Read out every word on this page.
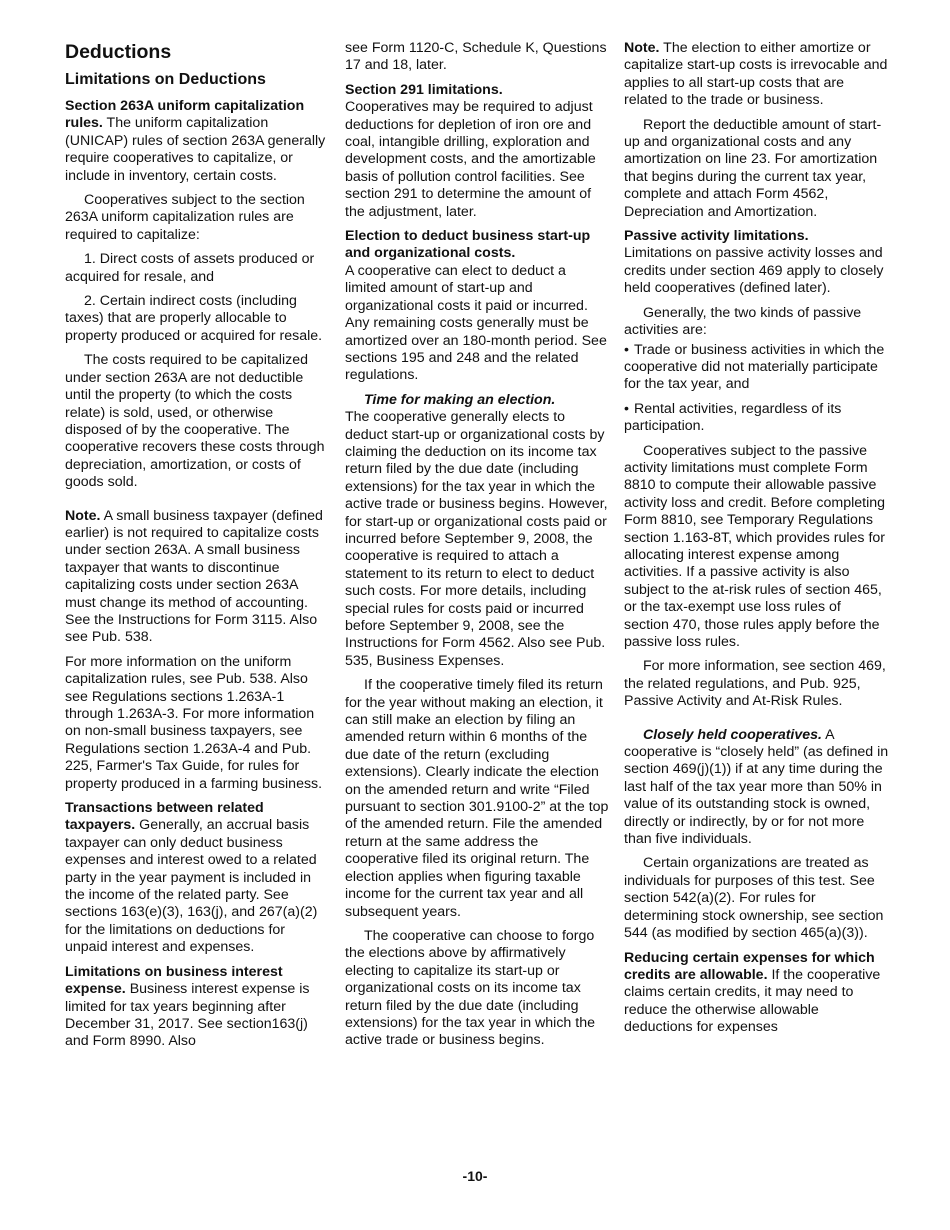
Deductions
Limitations on Deductions

Section 263A uniform capitalization rules. The uniform capitalization (UNICAP) rules of section 263A generally require cooperatives to capitalize, or include in inventory, certain costs.

Cooperatives subject to the section 263A uniform capitalization rules are required to capitalize:

1. Direct costs of assets produced or acquired for resale, and

2. Certain indirect costs (including taxes) that are properly allocable to property produced or acquired for resale.

The costs required to be capitalized under section 263A are not deductible until the property (to which the costs relate) is sold, used, or otherwise disposed of by the cooperative. The cooperative recovers these costs through depreciation, amortization, or costs of goods sold.

Note. A small business taxpayer (defined earlier) is not required to capitalize costs under section 263A. A small business taxpayer that wants to discontinue capitalizing costs under section 263A must change its method of accounting. See the Instructions for Form 3115. Also see Pub. 538.

For more information on the uniform capitalization rules, see Pub. 538. Also see Regulations sections 1.263A-1 through 1.263A-3. For more information on non-small business taxpayers, see Regulations section 1.263A-4 and Pub. 225, Farmer's Tax Guide, for rules for property produced in a farming business.

Transactions between related taxpayers. Generally, an accrual basis taxpayer can only deduct business expenses and interest owed to a related party in the year payment is included in the income of the related party. See sections 163(e)(3), 163(j), and 267(a)(2) for the limitations on deductions for unpaid interest and expenses.

Limitations on business interest expense. Business interest expense is limited for tax years beginning after December 31, 2017. See section163(j) and Form 8990. Also

see Form 1120-C, Schedule K, Questions 17 and 18, later.

Section 291 limitations.
Cooperatives may be required to adjust deductions for depletion of iron ore and coal, intangible drilling, exploration and development costs, and the amortizable basis of pollution control facilities. See section 291 to determine the amount of the adjustment, later.

Election to deduct business start-up and organizational costs.
A cooperative can elect to deduct a limited amount of start-up and organizational costs it paid or incurred. Any remaining costs generally must be amortized over an 180-month period. See sections 195 and 248 and the related regulations.

Time for making an election.
The cooperative generally elects to deduct start-up or organizational costs by claiming the deduction on its income tax return filed by the due date (including extensions) for the tax year in which the active trade or business begins. However, for start-up or organizational costs paid or incurred before September 9, 2008, the cooperative is required to attach a statement to its return to elect to deduct such costs. For more details, including special rules for costs paid or incurred before September 9, 2008, see the Instructions for Form 4562. Also see Pub. 535, Business Expenses.

If the cooperative timely filed its return for the year without making an election, it can still make an election by filing an amended return within 6 months of the due date of the return (excluding extensions). Clearly indicate the election on the amended return and write “Filed pursuant to section 301.9100-2” at the top of the amended return. File the amended return at the same address the cooperative filed its original return. The election applies when figuring taxable income for the current tax year and all subsequent years.

The cooperative can choose to forgo the elections above by affirmatively electing to capitalize its start-up or organizational costs on its income tax return filed by the due date (including extensions) for the tax year in which the active trade or business begins.

Note. The election to either amortize or capitalize start-up costs is irrevocable and applies to all start-up costs that are related to the trade or business.

Report the deductible amount of start-up and organizational costs and any amortization on line 23. For amortization that begins during the current tax year, complete and attach Form 4562, Depreciation and Amortization.

Passive activity limitations.
Limitations on passive activity losses and credits under section 469 apply to closely held cooperatives (defined later).

Generally, the two kinds of passive activities are:

• Trade or business activities in which the cooperative did not materially participate for the tax year, and

• Rental activities, regardless of its participation.

Cooperatives subject to the passive activity limitations must complete Form 8810 to compute their allowable passive activity loss and credit. Before completing Form 8810, see Temporary Regulations section 1.163-8T, which provides rules for allocating interest expense among activities. If a passive activity is also subject to the at-risk rules of section 465, or the tax-exempt use loss rules of section 470, those rules apply before the passive loss rules.

For more information, see section 469, the related regulations, and Pub. 925, Passive Activity and At-Risk Rules.

Closely held cooperatives. A cooperative is “closely held” (as defined in section 469(j)(1)) if at any time during the last half of the tax year more than 50% in value of its outstanding stock is owned, directly or indirectly, by or for not more than five individuals.

Certain organizations are treated as individuals for purposes of this test. See section 542(a)(2). For rules for determining stock ownership, see section 544 (as modified by section 465(a)(3)).

Reducing certain expenses for which credits are allowable. If the cooperative claims certain credits, it may need to reduce the otherwise allowable deductions for expenses

-10-
